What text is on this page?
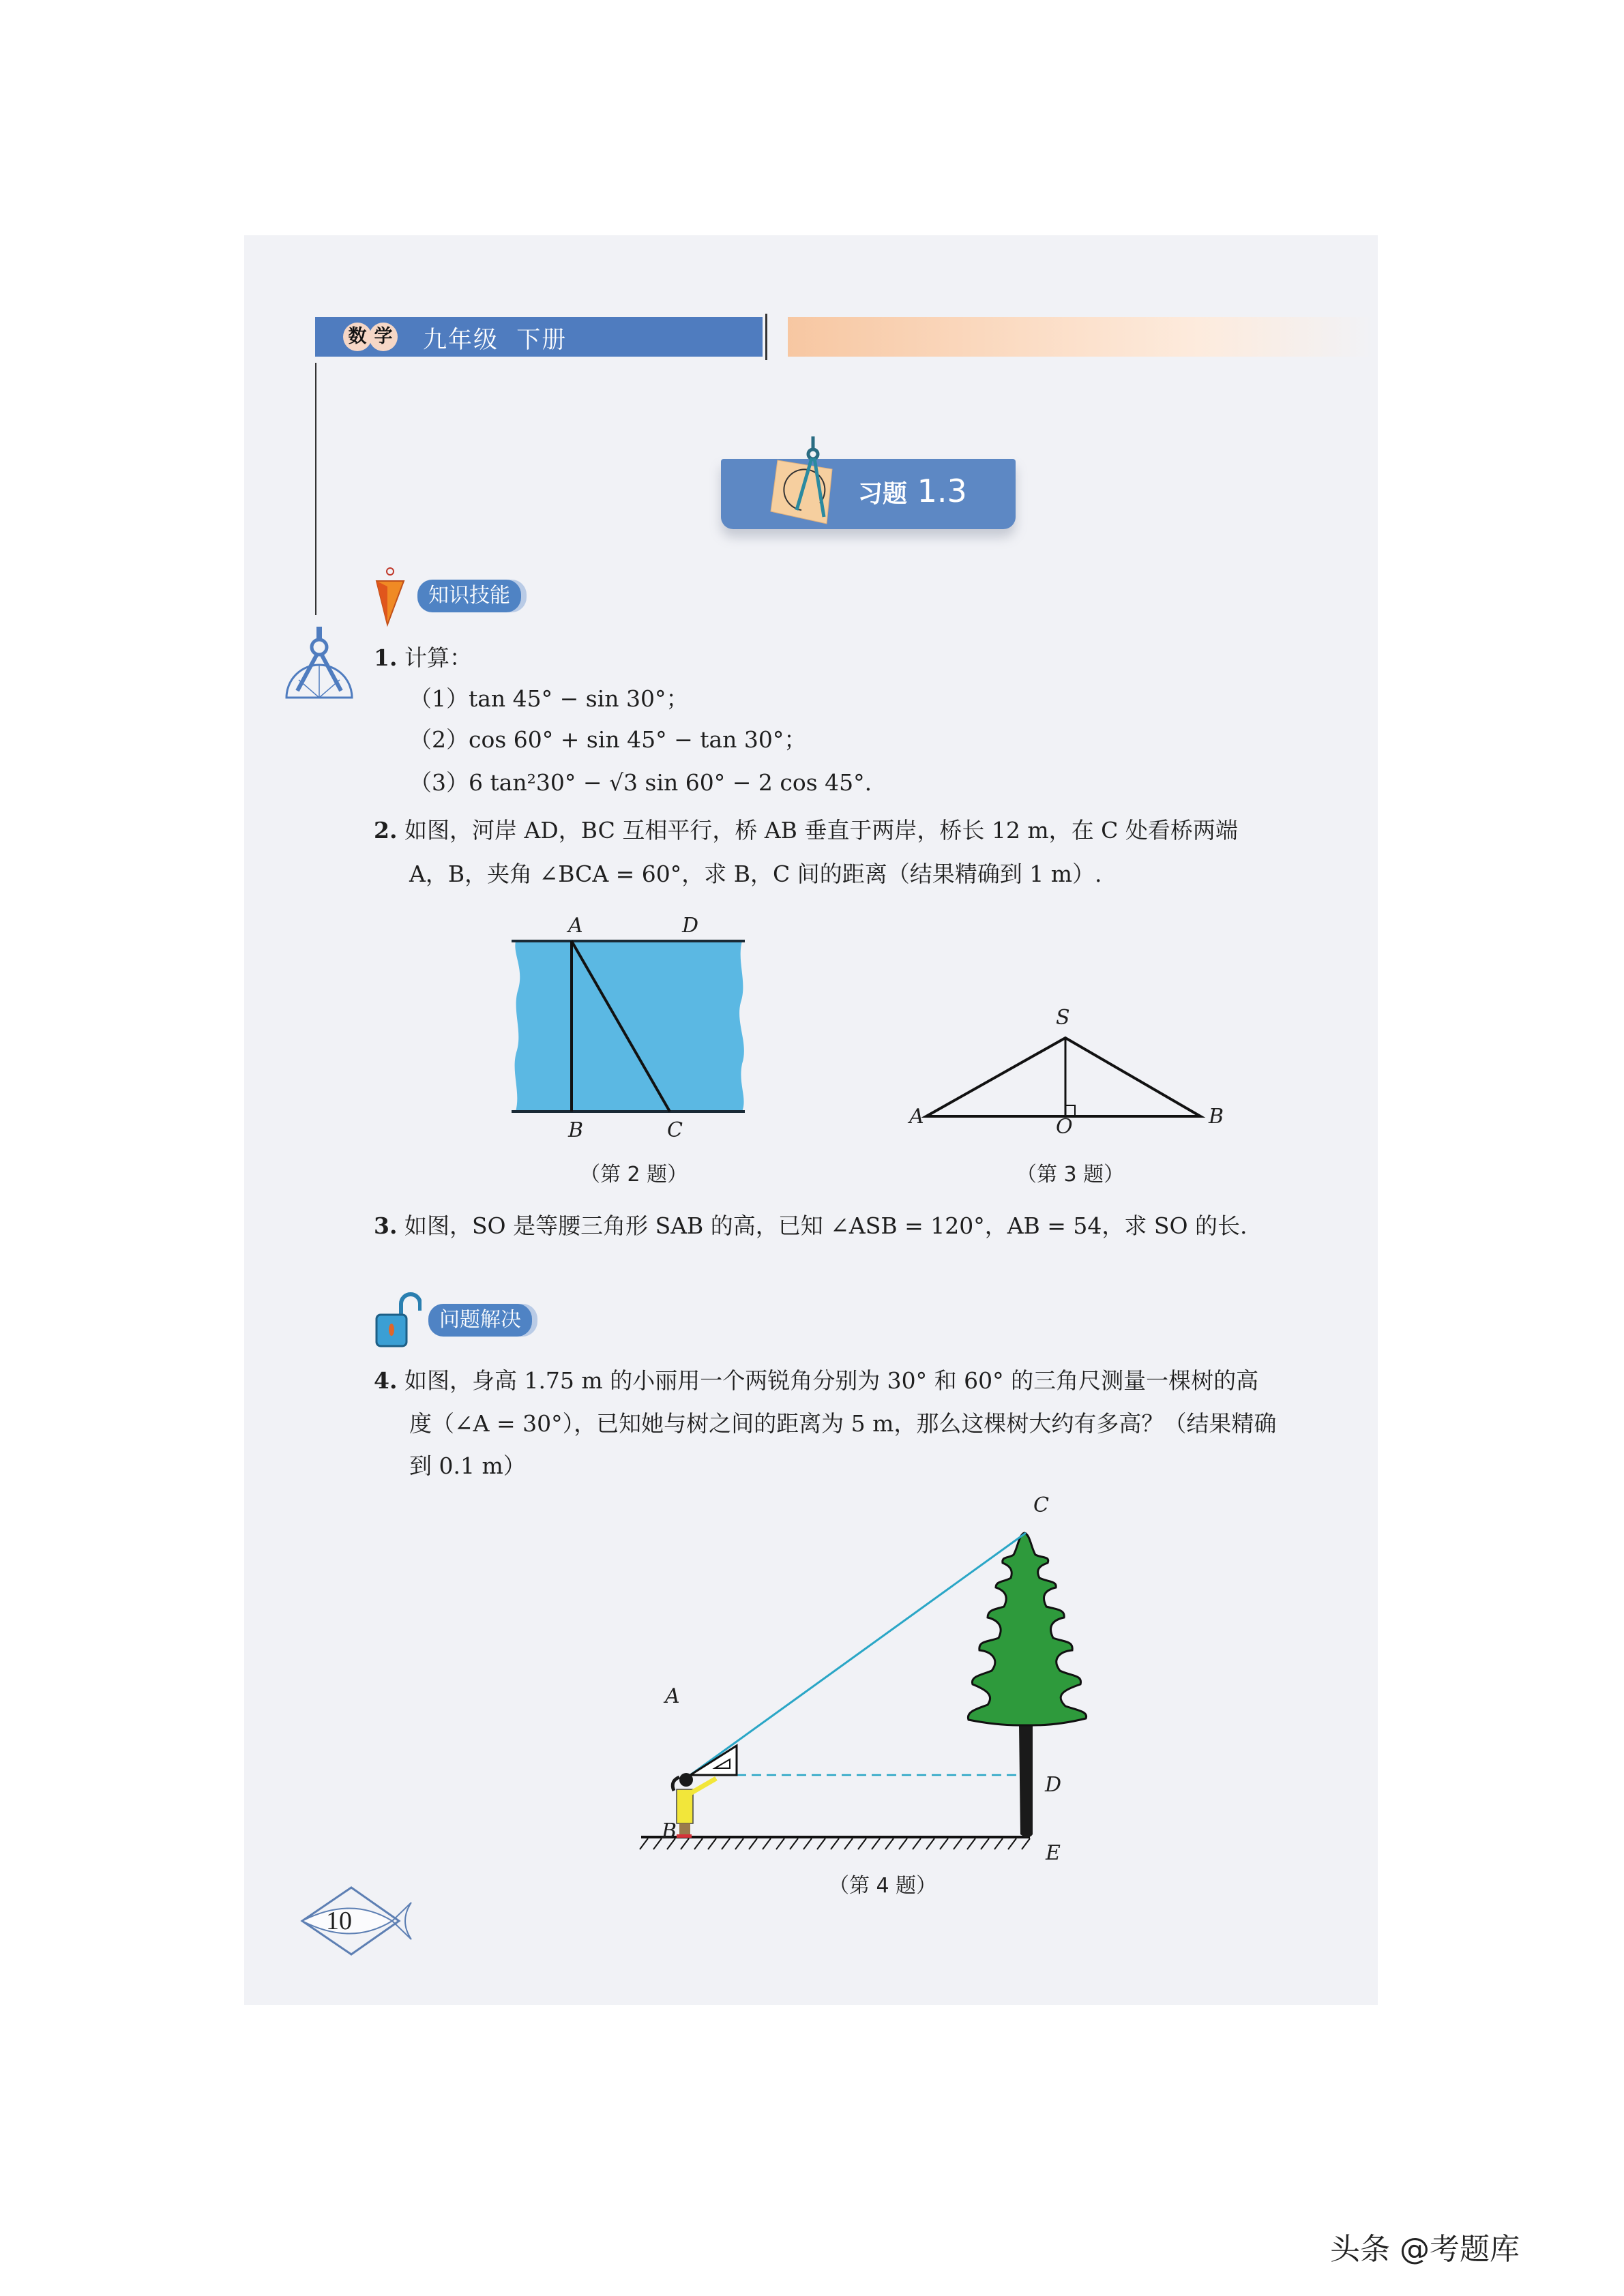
数 学 九年级  下册
习题 1.3
知识技能
1. 计算：
（1）tan 45° − sin 30°；
（2）cos 60° + sin 45° − tan 30°；
（3）6 tan²30° − √3 sin 60° − 2 cos 45°.
2. 如图，河岸 AD，BC 互相平行，桥 AB 垂直于两岸，桥长 12 m，在 C 处看桥两端
A，B，夹角 ∠BCA = 60°，求 B，C 间的距离（结果精确到 1 m）.
A	D
B	C
（第 2 题）
S
A	O	B
（第 3 题）
3. 如图，SO 是等腰三角形 SAB 的高，已知 ∠ASB = 120°，AB = 54，求 SO 的长.
问题解决
4. 如图，身高 1.75 m 的小丽用一个两锐角分别为 30° 和 60° 的三角尺测量一棵树的高
度（∠A = 30°），已知她与树之间的距离为 5 m，那么这棵树大约有多高？（结果精确
到 0.1 m）
C
A
D
B
E
（第 4 题）
10
头条 @考题库
